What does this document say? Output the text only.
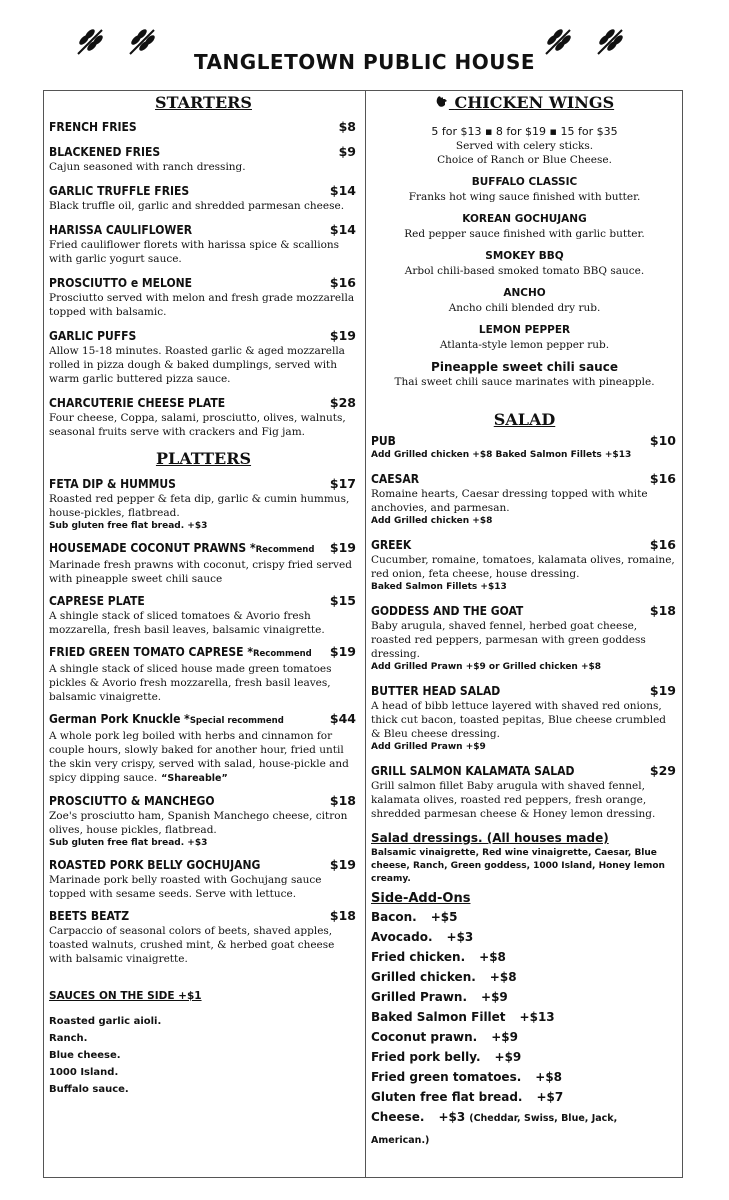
TANGLETOWN PUBLIC HOUSE
STARTERS
FRENCH FRIES	$8
BLACKENED FRIES	$9
Cajun seasoned with ranch dressing.
GARLIC TRUFFLE FRIES	$14
Black truffle oil, garlic and shredded parmesan cheese.
HARISSA CAULIFLOWER	$14
Fried cauliflower florets with harissa spice & scallions with garlic yogurt sauce.
PROSCIUTTO e MELONE	$16
Prosciutto served with melon and fresh grade mozzarella topped with balsamic.
GARLIC PUFFS	$19
Allow 15-18 minutes. Roasted garlic & aged mozzarella rolled in pizza dough & baked dumplings, served with warm garlic buttered pizza sauce.
CHARCUTERIE CHEESE PLATE	$28
Four cheese, Coppa, salami, prosciutto, olives, walnuts, seasonal fruits serve with crackers and Fig jam.
PLATTERS
FETA DIP & HUMMUS	$17
Roasted red pepper & feta dip, garlic & cumin hummus, house-pickles, flatbread.
Sub gluten free flat bread. +$3
HOUSEMADE COCONUT PRAWNS *Recommend	$19
Marinade fresh prawns with coconut, crispy fried served with pineapple sweet chili sauce
CAPRESE PLATE	$15
A shingle stack of sliced tomatoes & Avorio fresh mozzarella, fresh basil leaves, balsamic vinaigrette.
FRIED GREEN TOMATO CAPRESE *Recommend	$19
A shingle stack of sliced house made green tomatoes pickles & Avorio fresh mozzarella, fresh basil leaves, balsamic vinaigrette.
German Pork Knuckle *Special recommend	$44
A whole pork leg boiled with herbs and cinnamon for couple hours, slowly baked for another hour, fried until the skin very crispy, served with salad, house-pickle and spicy dipping sauce. “Shareable”
PROSCIUTTO & MANCHEGO	$18
Zoe's prosciutto ham, Spanish Manchego cheese, citron olives, house pickles, flatbread.
Sub gluten free flat bread. +$3
ROASTED PORK BELLY GOCHUJANG	$19
Marinade pork belly roasted with Gochujang sauce topped with sesame seeds. Serve with lettuce.
BEETS BEATZ	$18
Carpaccio of seasonal colors of beets, shaved apples, toasted walnuts, crushed mint, & herbed goat cheese with balsamic vinaigrette.
SAUCES ON THE SIDE +$1
Roasted garlic aioli.
Ranch.
Blue cheese.
1000 Island.
Buffalo sauce.
CHICKEN WINGS
5 for $13 ▪ 8 for $19 ▪ 15 for $35
Served with celery sticks.
Choice of Ranch or Blue Cheese.
BUFFALO CLASSIC
Franks hot wing sauce finished with butter.
KOREAN GOCHUJANG
Red pepper sauce finished with garlic butter.
SMOKEY BBQ
Arbol chili-based smoked tomato BBQ sauce.
ANCHO
Ancho chili blended dry rub.
LEMON PEPPER
Atlanta-style lemon pepper rub.
Pineapple sweet chili sauce
Thai sweet chili sauce marinates with pineapple.
SALAD
PUB	$10
Add Grilled chicken +$8 Baked Salmon Fillets +$13
CAESAR	$16
Romaine hearts, Caesar dressing topped with white anchovies, and parmesan.
Add Grilled chicken +$8
GREEK	$16
Cucumber, romaine, tomatoes, kalamata olives, romaine, red onion, feta cheese, house dressing.
Baked Salmon Fillets +$13
GODDESS AND THE GOAT	$18
Baby arugula, shaved fennel, herbed goat cheese, roasted red peppers, parmesan with green goddess dressing.
Add Grilled Prawn +$9 or Grilled chicken +$8
BUTTER HEAD SALAD	$19
A head of bibb lettuce layered with shaved red onions, thick cut bacon, toasted pepitas, Blue cheese crumbled & Bleu cheese dressing.
Add Grilled Prawn +$9
GRILL SALMON KALAMATA SALAD	$29
Grill salmon fillet Baby arugula with shaved fennel, kalamata olives, roasted red peppers, fresh orange, shredded parmesan cheese & Honey lemon dressing.
Salad dressings. (All houses made)
Balsamic vinaigrette, Red wine vinaigrette, Caesar, Blue cheese, Ranch, Green goddess, 1000 Island, Honey lemon creamy.
Side-Add-Ons
Bacon. +$5
Avocado. +$3
Fried chicken. +$8
Grilled chicken. +$8
Grilled Prawn. +$9
Baked Salmon Fillet +$13
Coconut prawn. +$9
Fried pork belly. +$9
Fried green tomatoes. +$8
Gluten free flat bread. +$7
Cheese. +$3 (Cheddar, Swiss, Blue, Jack, American.)
